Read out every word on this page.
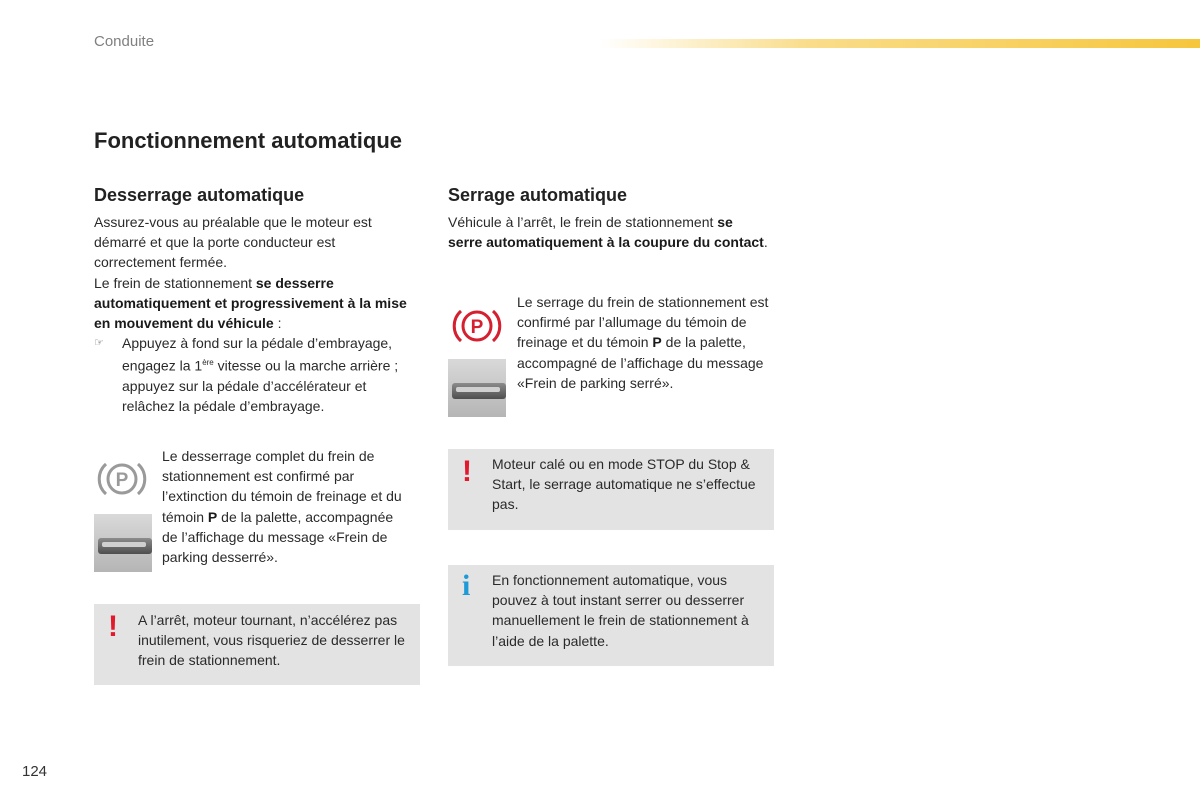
Conduite
Fonctionnement automatique
Desserrage automatique
Assurez-vous au préalable que le moteur est démarré et que la porte conducteur est correctement fermée.
Le frein de stationnement se desserre automatiquement et progressivement à la mise en mouvement du véhicule :
☞ Appuyez à fond sur la pédale d’embrayage, engagez la 1ère vitesse ou la marche arrière ; appuyez sur la pédale d’accélérateur et relâchez la pédale d’embrayage.
P
Le desserrage complet du frein de stationnement est confirmé par l’extinction du témoin de freinage et du témoin P de la palette, accompagnée de l’affichage du message «Frein de parking desserré».
! A l’arrêt, moteur tournant, n’accélérez pas inutilement, vous risqueriez de desserrer le frein de stationnement.
Serrage automatique
Véhicule à l’arrêt, le frein de stationnement se serre automatiquement à la coupure du contact.
P
Le serrage du frein de stationnement est confirmé par l’allumage du témoin de freinage et du témoin P de la palette, accompagné de l’affichage du message «Frein de parking serré».
! Moteur calé ou en mode STOP du Stop & Start, le serrage automatique ne s’effectue pas.
i En fonctionnement automatique, vous pouvez à tout instant serrer ou desserrer manuellement le frein de stationnement à l’aide de la palette.
124
